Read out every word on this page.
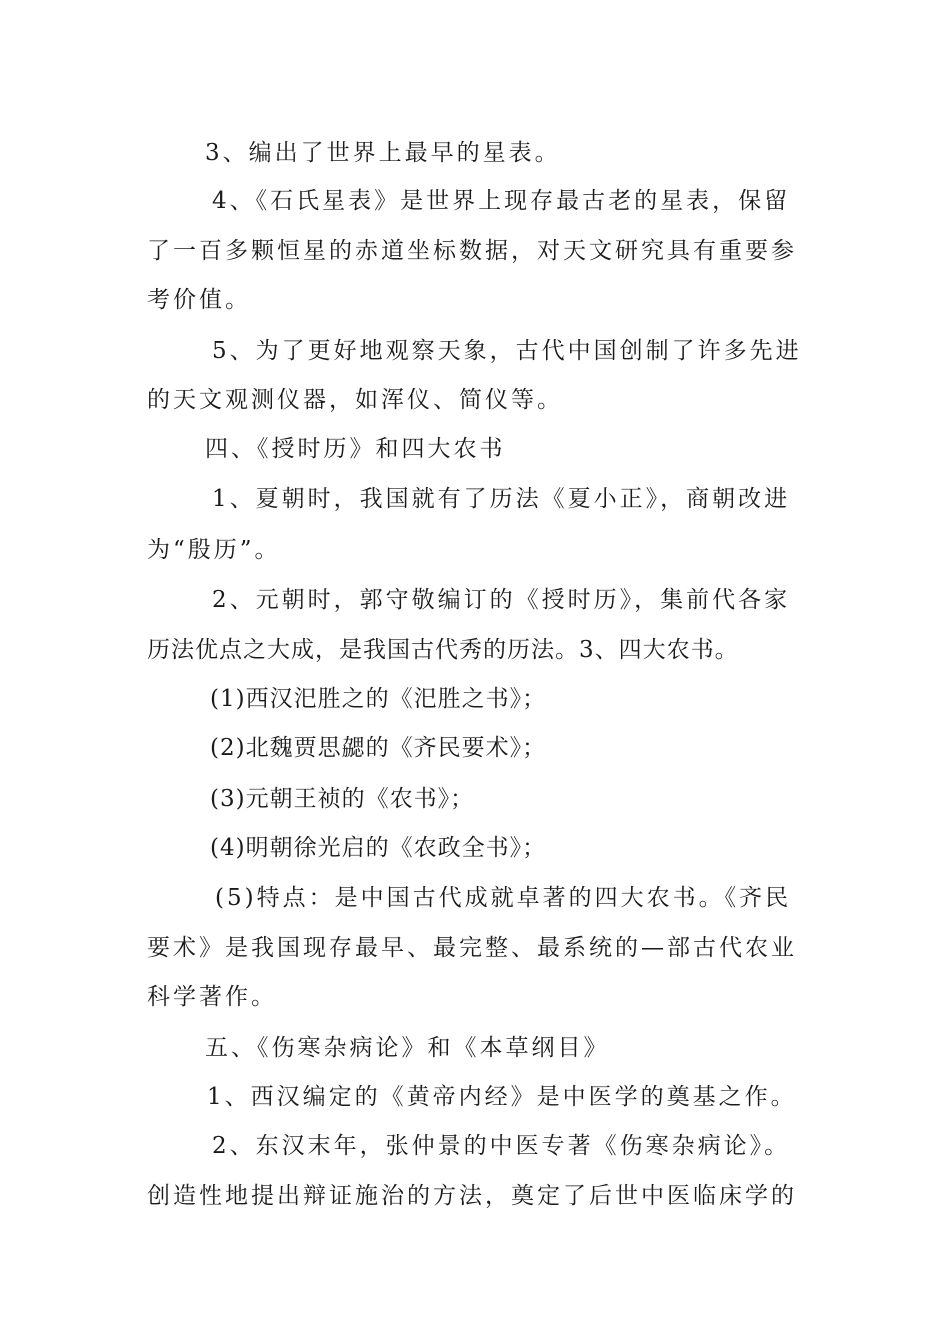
3、编出了世界上最早的星表。
4、《石氏星表》是世界上现存最古老的星表，保留
了一百多颗恒星的赤道坐标数据，对天文研究具有重要参
考价值。
5、为了更好地观察天象，古代中国创制了许多先进
的天文观测仪器，如浑仪、简仪等。
四、《授时历》和四大农书
1、夏朝时，我国就有了历法《夏小正》，商朝改进
为“殷历”。
2、元朝时，郭守敬编订的《授时历》，集前代各家
历法优点之大成，是我国古代秀的历法。3、四大农书。
(1)西汉汜胜之的《汜胜之书》；
(2)北魏贾思勰的《齐民要术》；
(3)元朝王祯的《农书》；
(4)明朝徐光启的《农政全书》；
(5)特点：是中国古代成就卓著的四大农书。《齐民
要术》是我国现存最早、最完整、最系统的—部古代农业
科学著作。
五、《伤寒杂病论》和《本草纲目》
1、西汉编定的《黄帝内经》是中医学的奠基之作。
2、东汉末年，张仲景的中医专著《伤寒杂病论》。
创造性地提出辩证施治的方法，奠定了后世中医临床学的
